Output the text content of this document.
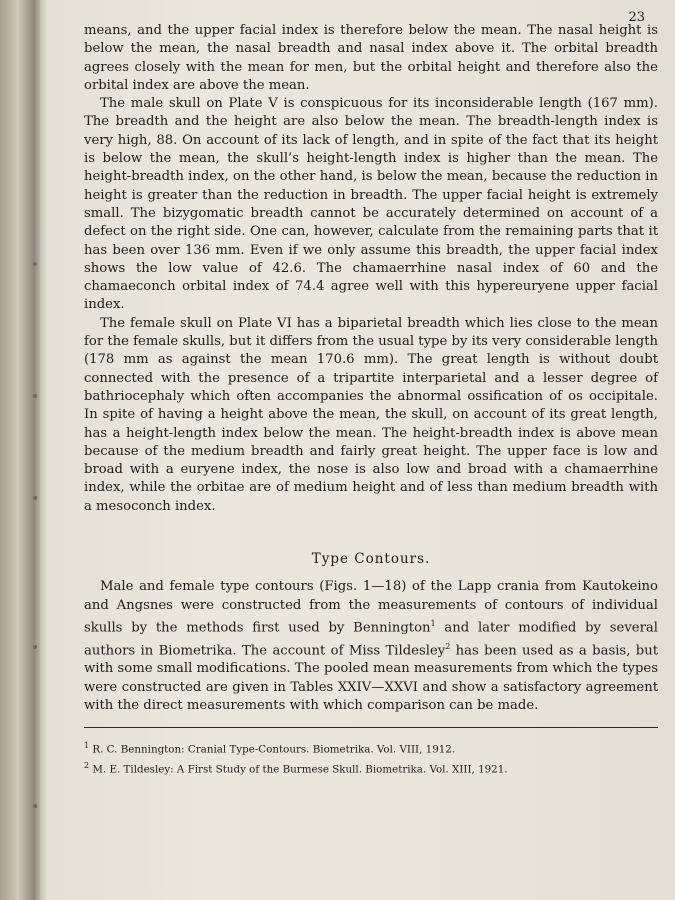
23

means, and the upper facial index is therefore below the mean. The nasal height is below the mean, the nasal breadth and nasal index above it. The orbital breadth agrees closely with the mean for men, but the orbital height and therefore also the orbital index are above the mean.

The male skull on Plate V is conspicuous for its inconsiderable length (167 mm). The breadth and the height are also below the mean. The breadth-length index is very high, 88. On account of its lack of length, and in spite of the fact that its height is below the mean, the skull’s height-length index is higher than the mean. The height-breadth index, on the other hand, is below the mean, because the reduction in height is greater than the reduction in breadth. The upper facial height is extremely small. The bizygomatic breadth cannot be accurately determined on account of a defect on the right side. One can, however, calculate from the remaining parts that it has been over 136 mm. Even if we only assume this breadth, the upper facial index shows the low value of 42.6. The chamaerrhine nasal index of 60 and the chamaeconch orbital index of 74.4 agree well with this hypereuryene upper facial index.

The female skull on Plate VI has a biparietal breadth which lies close to the mean for the female skulls, but it differs from the usual type by its very considerable length (178 mm as against the mean 170.6 mm). The great length is without doubt connected with the presence of a tripartite interparietal and a lesser degree of bathriocephaly which often accompanies the abnormal ossification of os occipitale. In spite of having a height above the mean, the skull, on account of its great length, has a height-length index below the mean. The height-breadth index is above mean because of the medium breadth and fairly great height. The upper face is low and broad with a euryene index, the nose is also low and broad with a chamaerrhine index, while the orbitae are of medium height and of less than medium breadth with a mesoconch index.

Type Contours.

Male and female type contours (Figs. 1—18) of the Lapp crania from Kautokeino and Angsnes were constructed from the measurements of contours of individual skulls by the methods first used by Bennington$^1$ and later modified by several authors in Biometrika. The account of Miss Tildesley$^2$ has been used as a basis, but with some small modifications. The pooled mean measurements from which the types were constructed are given in Tables XXIV—XXVI and show a satisfactory agreement with the direct measurements with which comparison can be made.

$^1$ R. C. Bennington: Cranial Type-Contours. Biometrika. Vol. VIII, 1912.
$^2$ M. E. Tildesley: A First Study of the Burmese Skull. Biometrika. Vol. XIII, 1921.
